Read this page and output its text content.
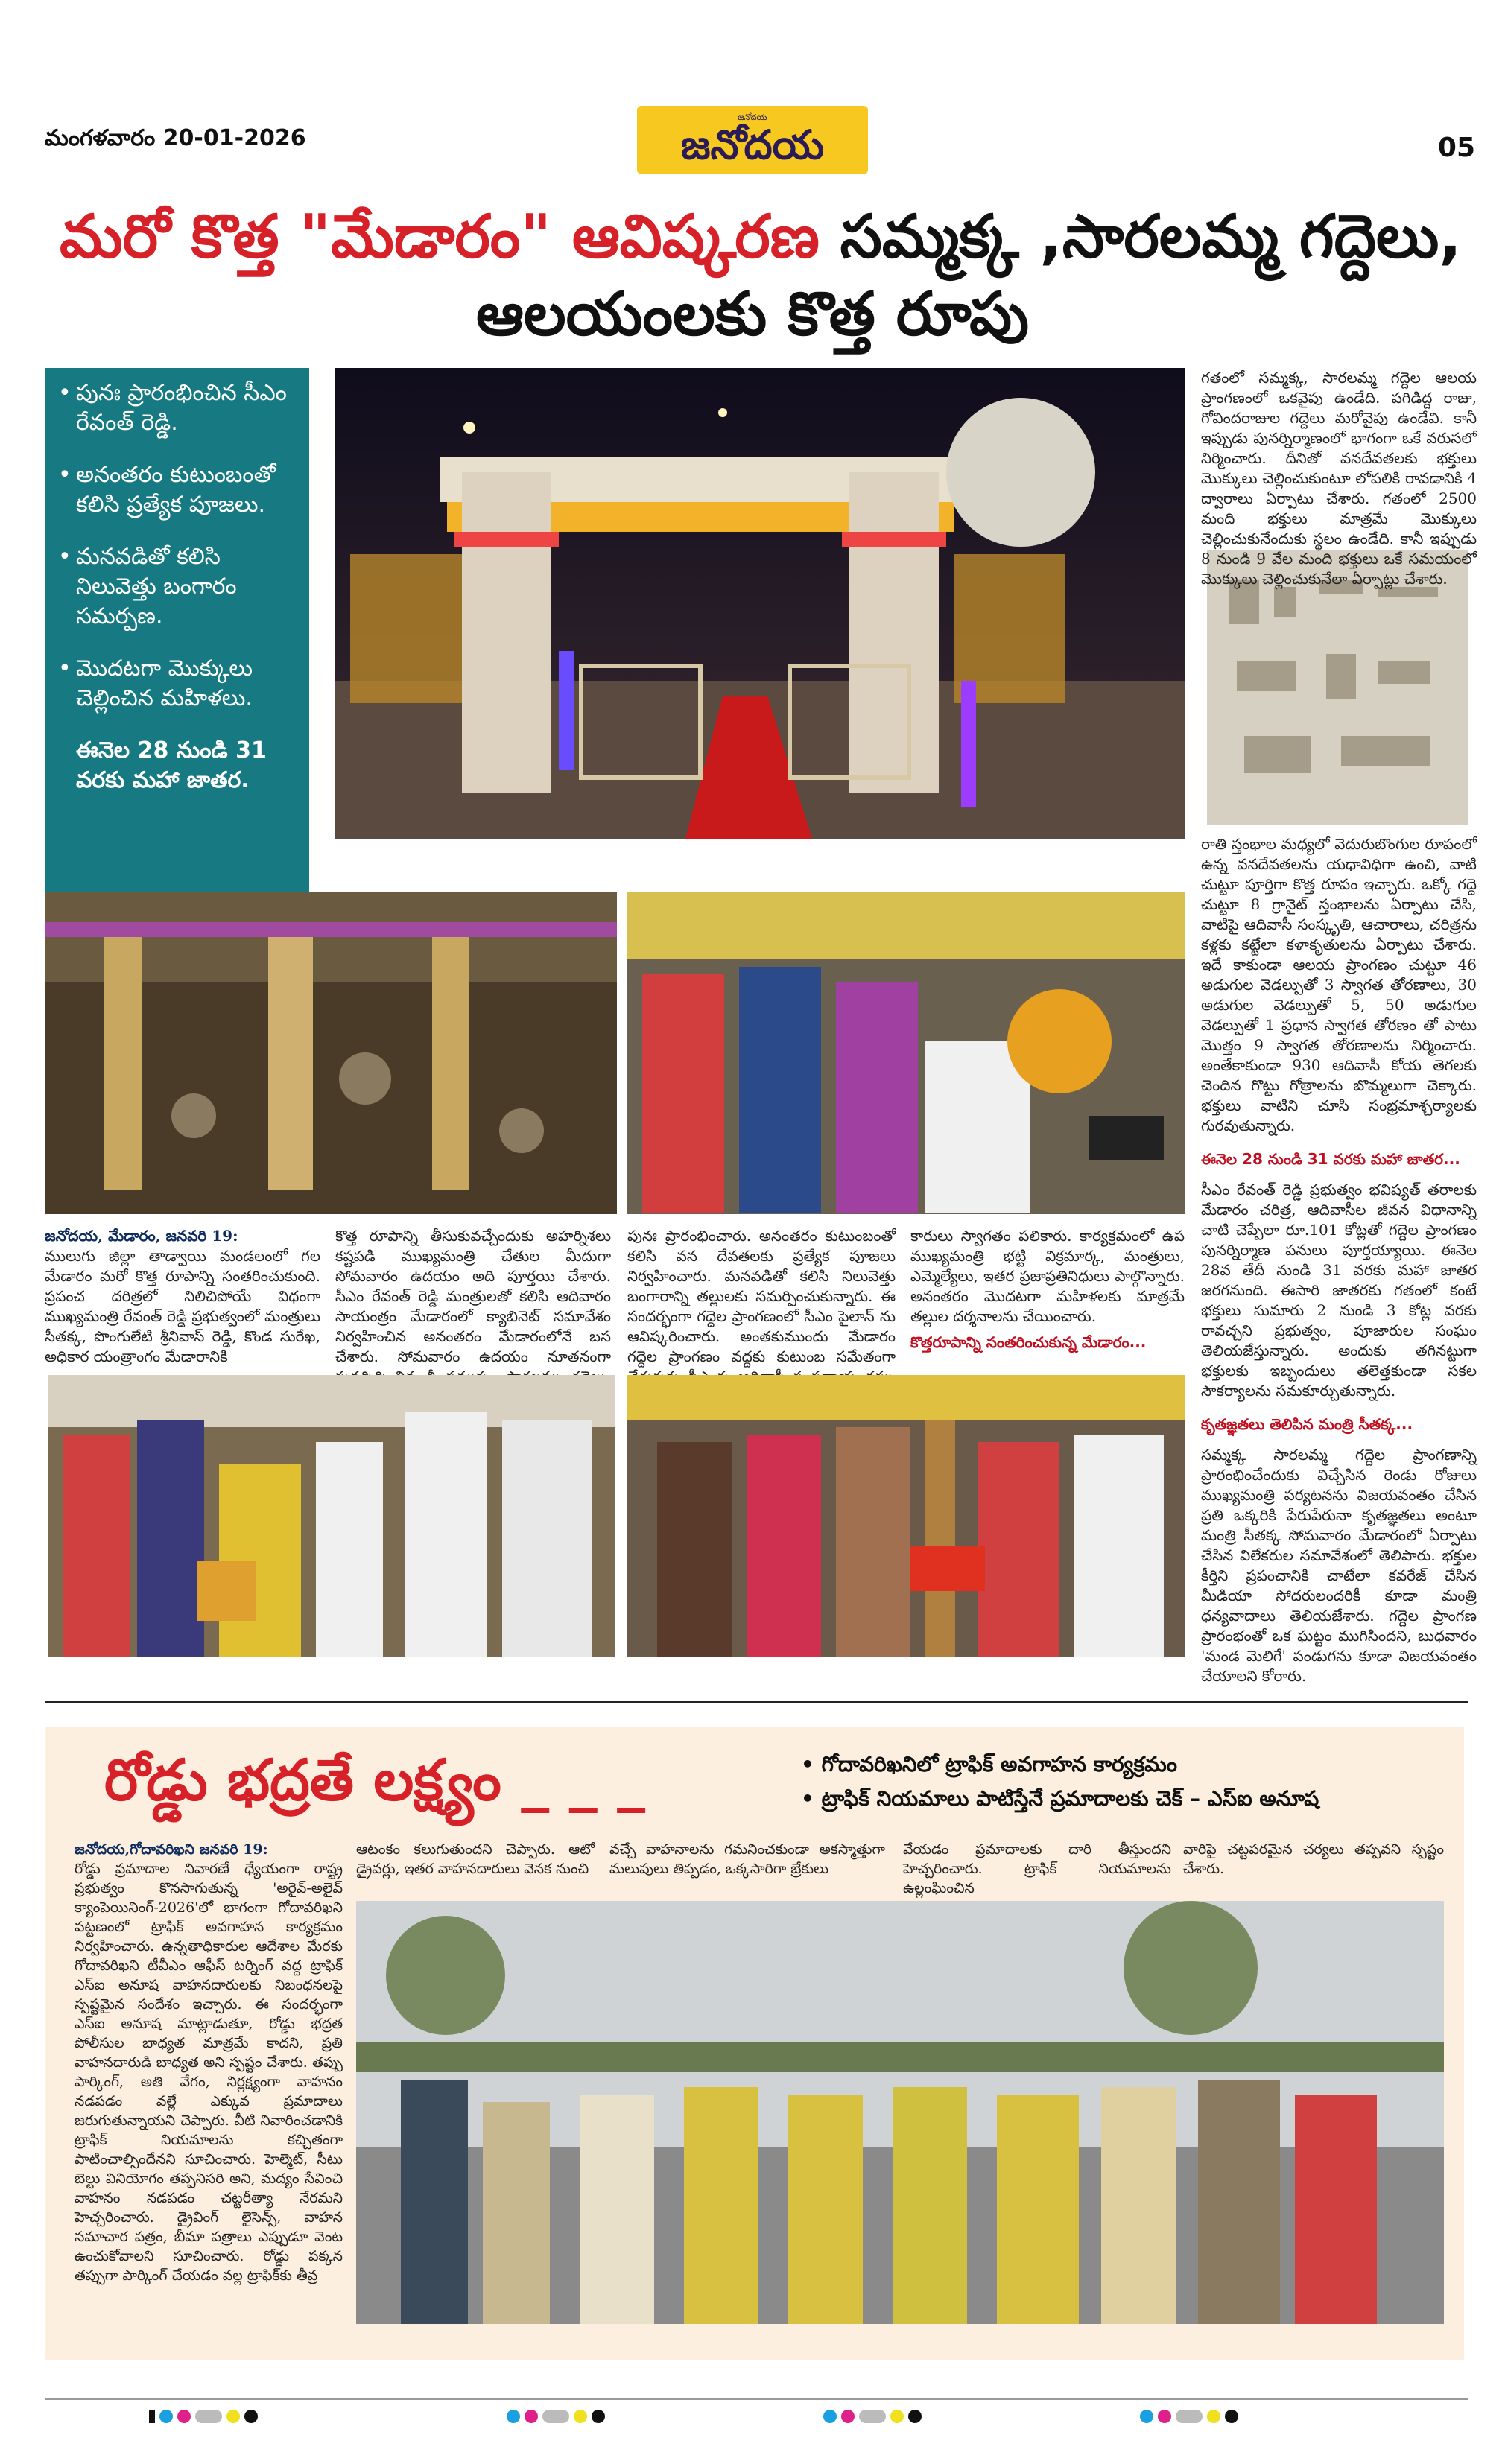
మంగళవారం 20-01-2026
జనోదయ
జనోదయ	05
మరో కొత్త "మేడారం" ఆవిష్కరణ సమ్మక్క ,సారలమ్మ గద్దెలు,
ఆలయంలకు కొత్త రూపు
• పునః ప్రారంభించిన సీఎం రేవంత్ రెడ్డి.
• అనంతరం కుటుంబంతో కలిసి ప్రత్యేక పూజలు.
• మనవడితో కలిసి నిలువెత్తు బంగారం సమర్పణ.
• మొదటగా మొక్కులు చెల్లించిన మహిళలు.
ఈనెల 28 నుండి 31 వరకు మహా జాతర.

గతంలో సమ్మక్క, సారలమ్మ గద్దెల ఆలయ ప్రాంగణంలో ఒకవైపు ఉండేది. పగిడిద్ద రాజు, గోవిందరాజుల గద్దెలు మరోవైపు ఉండేవి. కానీ ఇప్పుడు పునర్నిర్మాణంలో భాగంగా ఒకే వరుసలో నిర్మించారు. దీనితో వనదేవతలకు భక్తులు మొక్కులు చెల్లించుకుంటూ లోపలికి రావడానికి 4 ద్వారాలు ఏర్పాటు చేశారు. గతంలో 2500 మంది భక్తులు మాత్రమే మొక్కులు చెల్లించుకునేందుకు స్థలం ఉండేది. కానీ ఇప్పుడు 8 నుండి 9 వేల మంది భక్తులు ఒకే సమయంలో మొక్కులు చెల్లించుకునేలా ఏర్పాట్లు చేశారు.

రాతి స్తంభాల మధ్యలో వెదురుబొంగుల రూపంలో ఉన్న వనదేవతలను యధావిధిగా ఉంచి, వాటి చుట్టూ పూర్తిగా కొత్త రూపం ఇచ్చారు. ఒక్కో గద్దె చుట్టూ 8 గ్రానైట్ స్తంభాలను ఏర్పాటు చేసి, వాటిపై ఆదివాసీ సంస్కృతి, ఆచారాలు, చరిత్రను కళ్లకు కట్టేలా కళాకృతులను ఏర్పాటు చేశారు. ఇదే కాకుండా ఆలయ ప్రాంగణం చుట్టూ 46 అడుగుల వెడల్పుతో 3 స్వాగత తోరణాలు, 30 అడుగుల వెడల్పుతో 5, 50 అడుగుల వెడల్పుతో 1 ప్రధాన స్వాగత తోరణం తో పాటు మొత్తం 9 స్వాగత తోరణాలను నిర్మించారు. అంతేకాకుండా 930 ఆదివాసీ కోయ తెగలకు చెందిన గొట్టు గోత్రాలను బొమ్మలుగా చెక్కారు. భక్తులు వాటిని చూసి సంభ్రమాశ్చర్యాలకు గురవుతున్నారు.

ఈనెల 28 నుండి 31 వరకు మహా జాతర...

సీఎం రేవంత్ రెడ్డి ప్రభుత్వం భవిష్యత్ తరాలకు మేడారం చరిత్ర, ఆదివాసీల జీవన విధానాన్ని చాటి చెప్పేలా రూ.101 కోట్లతో గద్దెల ప్రాంగణం పునర్నిర్మాణ పనులు పూర్తయ్యాయి. ఈనెల 28వ తేదీ నుండి 31 వరకు మహా జాతర జరగనుంది. ఈసారి జాతరకు గతంలో కంటే భక్తులు సుమారు 2 నుండి 3 కోట్ల వరకు రావచ్చని ప్రభుత్వం, పూజారుల సంఘం తెలియజేస్తున్నారు. అందుకు తగినట్టుగా భక్తులకు ఇబ్బందులు తలెత్తకుండా సకల సౌకర్యాలను సమకూర్చుతున్నారు.

కృతజ్ఞతలు తెలిపిన మంత్రి సీతక్క...

సమ్మక్క సారలమ్మ గద్దెల ప్రాంగణాన్ని ప్రారంభించేందుకు విచ్చేసిన రెండు రోజులు ముఖ్యమంత్రి పర్యటనను విజయవంతం చేసిన ప్రతి ఒక్కరికి పేరుపేరునా కృతజ్ఞతలు అంటూ మంత్రి సీతక్క సోమవారం మేడారంలో ఏర్పాటు చేసిన విలేకరుల సమావేశంలో తెలిపారు. భక్తుల కీర్తిని ప్రపంచానికి చాటేలా కవరేజ్ చేసిన మీడియా సోదరులందరికీ కూడా మంత్రి ధన్యవాదాలు తెలియజేశారు. గద్దెల ప్రాంగణ ప్రారంభంతో ఒక ఘట్టం ముగిసిందని, బుధవారం 'మండ మెలిగే' పండుగను కూడా విజయవంతం చేయాలని కోరారు.

జనోదయ, మేడారం, జనవరి 19:

ములుగు జిల్లా తాడ్వాయి మండలంలో గల మేడారం మరో కొత్త రూపాన్ని సంతరించుకుంది. ప్రపంచ దరిత్రలో నిలిచిపోయే విధంగా ముఖ్యమంత్రి రేవంత్ రెడ్డి ప్రభుత్వంలో మంత్రులు సీతక్క, పొంగులేటి శ్రీనివాస్ రెడ్డి, కొండ సురేఖ, అధికార యంత్రాంగం మేడారానికి

కొత్త రూపాన్ని తీసుకువచ్చేందుకు అహర్నిశలు కష్టపడి ముఖ్యమంత్రి చేతుల మీదుగా సోమవారం ఉదయం అది పూర్తయి చేశారు. సీఎం రేవంత్ రెడ్డి మంత్రులతో కలిసి ఆదివారం సాయంత్రం మేడారంలో క్యాబినెట్ సమావేశం నిర్వహించిన అనంతరం మేడారంలోనే బస చేశారు. సోమవారం ఉదయం నూతనంగా

పునః ప్రారంభించారు. అనంతరం కుటుంబంతో కలిసి వన దేవతలకు ప్రత్యేక పూజలు నిర్వహించారు. మనవడితో కలిసి నిలువెత్తు బంగారాన్ని తల్లులకు సమర్పించుకున్నారు. ఈ సందర్భంగా గద్దెల ప్రాంగణంలో సీఎం పైలాన్ ను ఆవిష్కరించారు. అంతకుముందు మేడారం గద్దెల ప్రాంగణం వద్దకు కుటుంబ సమేతంగా

కారులు స్వాగతం పలికారు. కార్యక్రమంలో ఉప ముఖ్యమంత్రి భట్టి విక్రమార్క, మంత్రులు, ఎమ్మెల్యేలు, ఇతర ప్రజాప్రతినిధులు పాల్గొన్నారు. అనంతరం మొదటగా మహిళలకు మాత్రమే తల్లుల దర్శనాలను చేయించారు.

కొత్తరూపాన్ని సంతరించుకున్న మేడారం...

రోడ్డు భద్రతే లక్ష్యం _ _ _	• గోదావరిఖనిలో ట్రాఫిక్ అవగాహన కార్యక్రమం
• ట్రాఫిక్ నియమాలు పాటిస్తేనే ప్రమాదాలకు చెక్ – ఎస్ఐ అనూష

జనోదయ,గోదావరిఖని జనవరి 19:

రోడ్డు ప్రమాదాల నివారణే ధ్యేయంగా రాష్ట్ర ప్రభుత్వం కొనసాగుతున్న 'అరైవ్-అలైవ్ క్యాంపెయినింగ్-2026'లో భాగంగా గోదావరిఖని పట్టణంలో ట్రాఫిక్ అవగాహన కార్యక్రమం నిర్వహించారు. ఉన్నతాధికారుల ఆదేశాల మేరకు గోదావరిఖని టీవీఎం ఆఫీస్ టర్నింగ్ వద్ద ట్రాఫిక్ ఎస్ఐ అనూష వాహనదారులకు నిబంధనలపై స్పష్టమైన సందేశం ఇచ్చారు. ఈ సందర్భంగా ఎస్ఐ అనూష మాట్లాడుతూ, రోడ్డు భద్రత పోలీసుల బాధ్యత మాత్రమే కాదని, ప్రతి వాహనదారుడి బాధ్యత అని స్పష్టం చేశారు. తప్పు పార్కింగ్, అతి వేగం, నిర్లక్ష్యంగా వాహనం నడపడం వల్లే ఎక్కువ ప్రమాదాలు జరుగుతున్నాయని చెప్పారు. వీటి నివారించడానికి ట్రాఫిక్ నియమాలను కచ్చితంగా పాటించాల్సిందేనని సూచించారు. హెల్మెట్, సీటు బెల్టు వినియోగం తప్పనిసరి అని, మద్యం సేవించి వాహనం నడపడం చట్టరీత్యా నేరమని హెచ్చరించారు. డ్రైవింగ్ లైసెన్స్, వాహన సమాచార పత్రం, బీమా పత్రాలు ఎప్పుడూ వెంట ఉంచుకోవాలని సూచించారు. రోడ్డు పక్కన తప్పుగా పార్కింగ్ చేయడం వల్ల ట్రాఫిక్‌కు తీవ్ర

ఆటంకం కలుగుతుందని చెప్పారు. ఆటో డ్రైవర్లు, ఇతర వాహనదారులు వెనక నుంచి

వచ్చే వాహనాలను గమనించకుండా అకస్మాత్తుగా మలుపులు తిప్పడం, ఒక్కసారిగా బ్రేకులు

వేయడం ప్రమాదాలకు దారి తీస్తుందని హెచ్చరించారు. ట్రాఫిక్ నియమాలను ఉల్లంఘించిన

వారిపై చట్టపరమైన చర్యలు తప్పవని స్పష్టం చేశారు.
